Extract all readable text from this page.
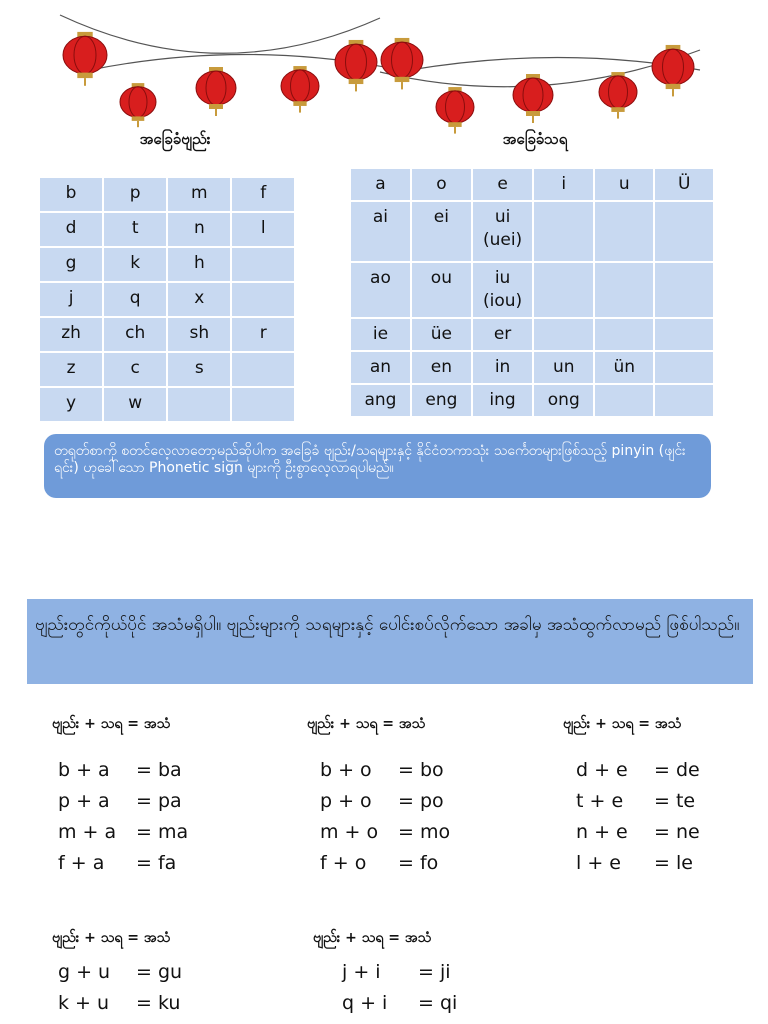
အခြေခံဗျည်း	အခြေခံသရ
b	p	m	f
d	t	n	l
g	k	h	
j	q	x	
zh	ch	sh	r
z	c	s	
y	w		
a	o	e	i	u	Ü
ai	ei	ui
(uei)			
ao	ou	iu
(iou)			
ie	üe	er			
an	en	in	un	ün	
ang	eng	ing	ong		
တရုတ်စာကို စတင်လေ့လာတော့မည်ဆိုပါက အခြေခံ ဗျည်း/သရများနှင့် နိုင်ငံတကာသုံး သင်္ကေတများဖြစ်သည့် pinyin (ဖျင်းရင်း) ဟုခေါ်သော Phonetic sign များကို ဦးစွာလေ့လာရပါမည်။
ဗျည်းတွင်ကိုယ်ပိုင် အသံမရှိပါ။ ဗျည်းများကို သရများနှင့် ပေါင်းစပ်လိုက်သော အခါမှ အသံထွက်လာမည် ဖြစ်ပါသည်။
ဗျည်း + သရ = အသံ	ဗျည်း + သရ = အသံ	ဗျည်း + သရ = အသံ
ဗျည်း + သရ = အသံ	ဗျည်း + သရ = အသံ
b + a = ba
p + a = pa
m + a = ma
f + a = fa
b + o = bo
p + o = po
m + o = mo
f + o = fo
d + e = de
t + e = te
n + e = ne
l + e = le
g + u = gu
k + u = ku
j + i = ji
q + i = qi
